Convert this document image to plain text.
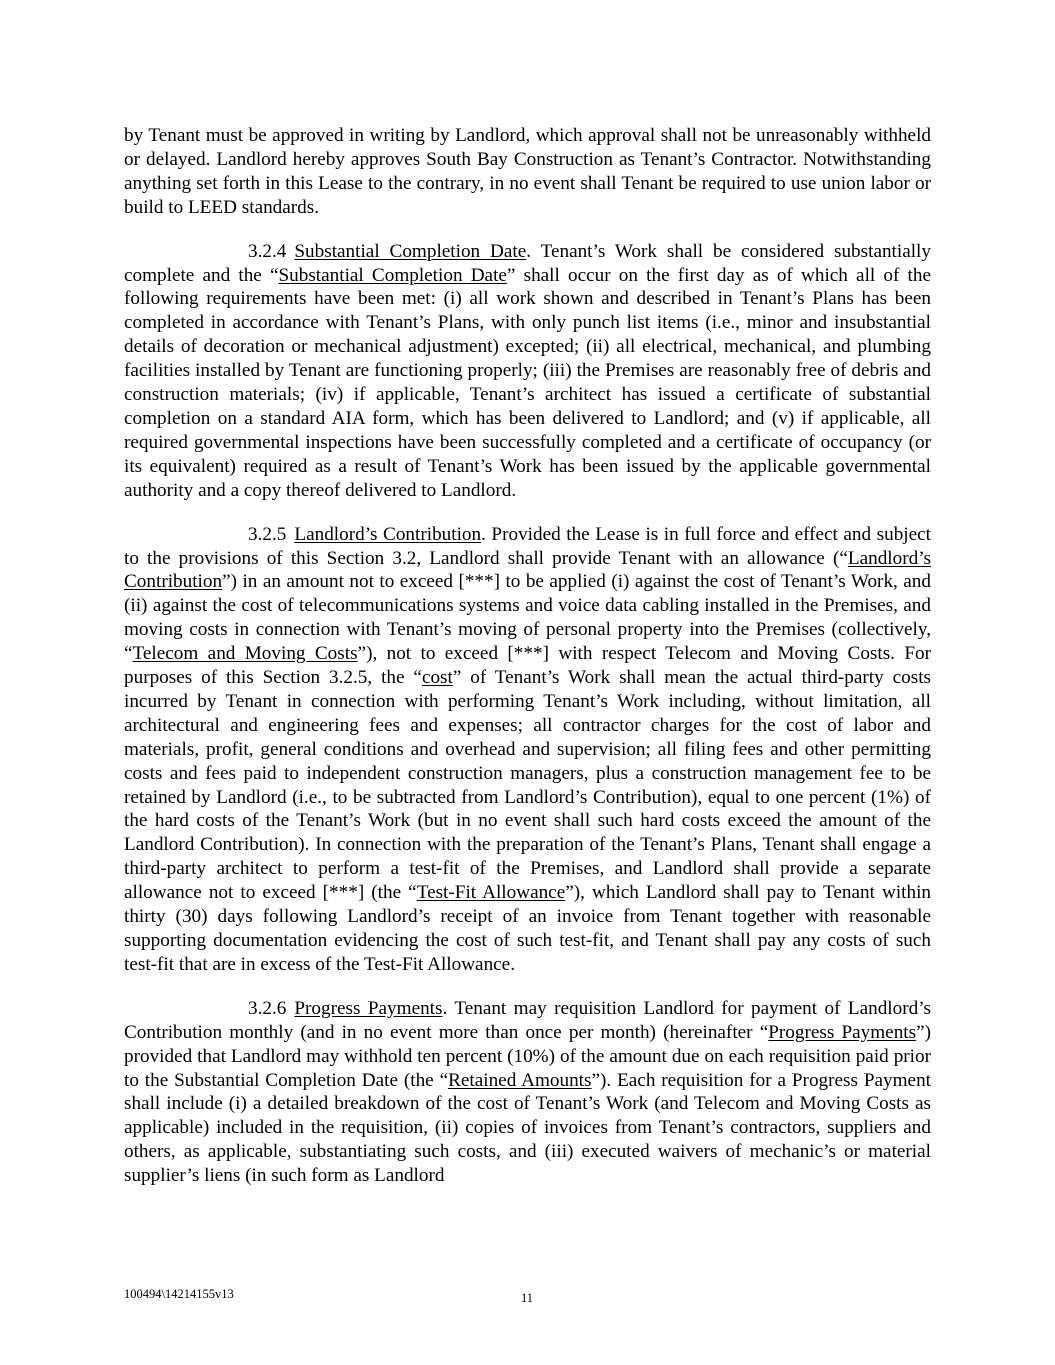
by Tenant must be approved in writing by Landlord, which approval shall not be unreasonably withheld or delayed. Landlord hereby approves South Bay Construction as Tenant’s Contractor. Notwithstanding anything set forth in this Lease to the contrary, in no event shall Tenant be required to use union labor or build to LEED standards.

3.2.4 Substantial Completion Date. Tenant’s Work shall be considered substantially complete and the “Substantial Completion Date” shall occur on the first day as of which all of the following requirements have been met: (i) all work shown and described in Tenant’s Plans has been completed in accordance with Tenant’s Plans, with only punch list items (i.e., minor and insubstantial details of decoration or mechanical adjustment) excepted; (ii) all electrical, mechanical, and plumbing facilities installed by Tenant are functioning properly; (iii) the Premises are reasonably free of debris and construction materials; (iv) if applicable, Tenant’s architect has issued a certificate of substantial completion on a standard AIA form, which has been delivered to Landlord; and (v) if applicable, all required governmental inspections have been successfully completed and a certificate of occupancy (or its equivalent) required as a result of Tenant’s Work has been issued by the applicable governmental authority and a copy thereof delivered to Landlord.

3.2.5 Landlord’s Contribution. Provided the Lease is in full force and effect and subject to the provisions of this Section 3.2, Landlord shall provide Tenant with an allowance (“Landlord’s Contribution”) in an amount not to exceed [***] to be applied (i) against the cost of Tenant’s Work, and (ii) against the cost of telecommunications systems and voice data cabling installed in the Premises, and moving costs in connection with Tenant’s moving of personal property into the Premises (collectively, “Telecom and Moving Costs”), not to exceed [***] with respect Telecom and Moving Costs. For purposes of this Section 3.2.5, the “cost” of Tenant’s Work shall mean the actual third-party costs incurred by Tenant in connection with performing Tenant’s Work including, without limitation, all architectural and engineering fees and expenses; all contractor charges for the cost of labor and materials, profit, general conditions and overhead and supervision; all filing fees and other permitting costs and fees paid to independent construction managers, plus a construction management fee to be retained by Landlord (i.e., to be subtracted from Landlord’s Contribution), equal to one percent (1%) of the hard costs of the Tenant’s Work (but in no event shall such hard costs exceed the amount of the Landlord Contribution). In connection with the preparation of the Tenant’s Plans, Tenant shall engage a third-party architect to perform a test-fit of the Premises, and Landlord shall provide a separate allowance not to exceed [***] (the “Test-Fit Allowance”), which Landlord shall pay to Tenant within thirty (30) days following Landlord’s receipt of an invoice from Tenant together with reasonable supporting documentation evidencing the cost of such test-fit, and Tenant shall pay any costs of such test-fit that are in excess of the Test-Fit Allowance.

3.2.6 Progress Payments. Tenant may requisition Landlord for payment of Landlord’s Contribution monthly (and in no event more than once per month) (hereinafter “Progress Payments”) provided that Landlord may withhold ten percent (10%) of the amount due on each requisition paid prior to the Substantial Completion Date (the “Retained Amounts”). Each requisition for a Progress Payment shall include (i) a detailed breakdown of the cost of Tenant’s Work (and Telecom and Moving Costs as applicable) included in the requisition, (ii) copies of invoices from Tenant’s contractors, suppliers and others, as applicable, substantiating such costs, and (iii) executed waivers of mechanic’s or material supplier’s liens (in such form as Landlord

100494\14214155v13	11
